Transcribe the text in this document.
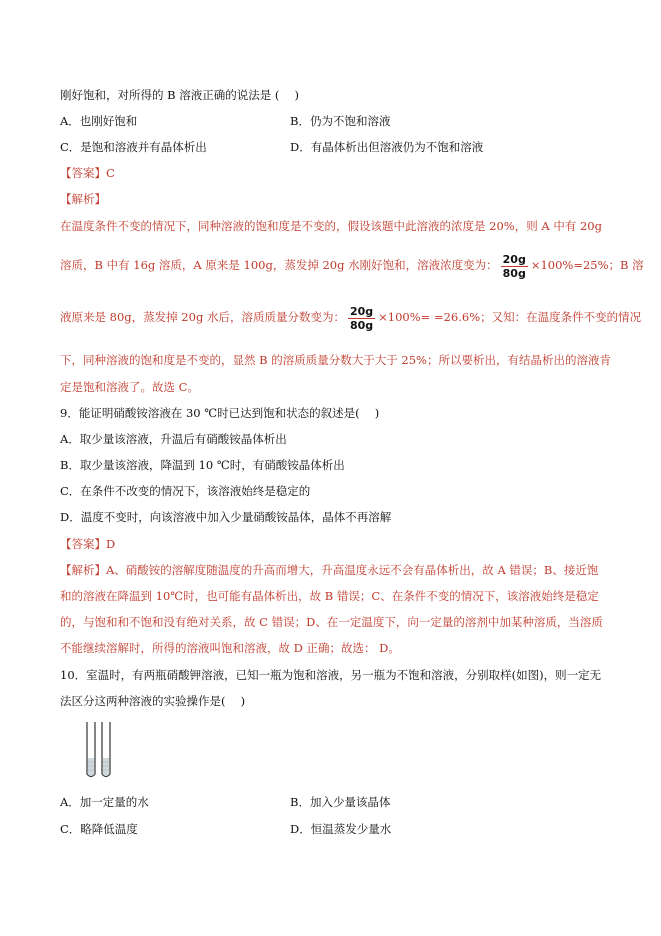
刚好饱和，对所得的 B 溶液正确的说法是 (　 )
A．也刚好饱和	B．仍为不饱和溶液
C．是饱和溶液并有晶体析出	D．有晶体析出但溶液仍为不饱和溶液
【答案】C
【解析】
在温度条件不变的情况下，同种溶液的饱和度是不变的，假设该题中此溶液的浓度是 20%，则 A 中有 20g
溶质，B 中有 16g 溶质，A 原来是 100g，蒸发掉 20g 水刚好饱和，溶液浓度变为： $\frac{20g}{80g} \times 100\%=25\%$；B 溶
液原来是 80g，蒸发掉 20g 水后，溶质质量分数变为： $\frac{20g}{80g} \times 100\%= =26.6\%$；又知：在温度条件不变的情况
下，同种溶液的饱和度是不变的，显然 B 的溶质质量分数大于大于 25%；所以要析出，有结晶析出的溶液肯
定是饱和溶液了。故选 C。
9．能证明硝酸铵溶液在 30 ℃时已达到饱和状态的叙述是(　 )
A．取少量该溶液，升温后有硝酸铵晶体析出
B．取少量该溶液，降温到 10 ℃时，有硝酸铵晶体析出
C．在条件不改变的情况下，该溶液始终是稳定的
D．温度不变时，向该溶液中加入少量硝酸铵晶体，晶体不再溶解
【答案】D
【解析】A、硝酸铵的溶解度随温度的升高而增大，升高温度永远不会有晶体析出，故 A 错误；B、接近饱
和的溶液在降温到 10℃时，也可能有晶体析出，故 B 错误；C、在条件不变的情况下，该溶液始终是稳定
的，与饱和和不饱和没有绝对关系，故 C 错误；D、在一定温度下，向一定量的溶剂中加某种溶质，当溶质
不能继续溶解时，所得的溶液叫饱和溶液，故 D 正确；故选： D。
10．室温时，有两瓶硝酸钾溶液，已知一瓶为饱和溶液，另一瓶为不饱和溶液，分别取样(如图)，则一定无
法区分这两种溶液的实验操作是(　 )
A．加一定量的水	B．加入少量该晶体
C．略降低温度	D．恒温蒸发少量水
